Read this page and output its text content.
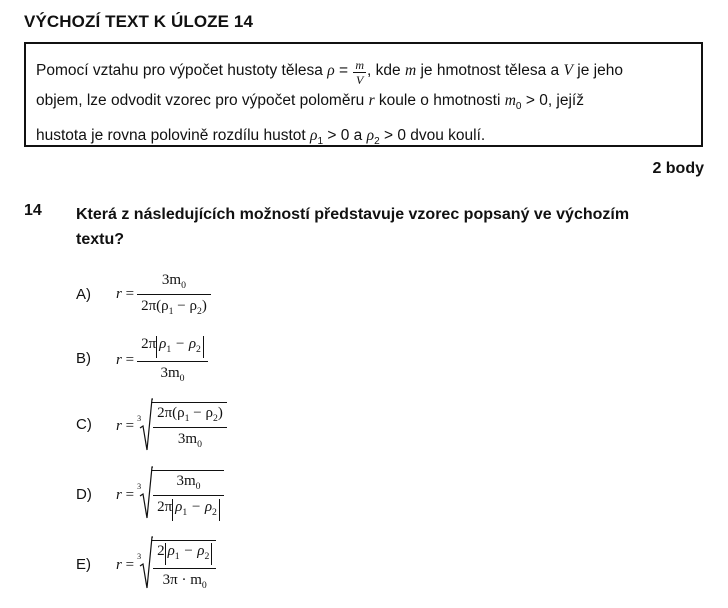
VÝCHOZÍ TEXT K ÚLOZE 14
Pomocí vztahu pro výpočet hustoty tělesa $\rho = \frac{m}{V}$ , kde m je hmotnost tělesa a V je jeho
objem, lze odvodit vzorec pro výpočet poloměru r koule o hmotnosti $m_0 > 0$, jejíž
hustota je rovna polovině rozdílu hustot $\rho_1 > 0$ a $\rho_2 > 0$ dvou koulí.
2 body
14 Která z následujících možností představuje vzorec popsaný ve výchozím textu?
A) $r = \frac{3m_0}{2\pi(\rho_1 - \rho_2)}$
B) $r = \frac{2\pi \rho_1 - \rho_2}{3m_0}$
C) $r = 3 \frac{2\pi(\rho_1 - \rho_2)}{3m_0}$
D) r =
$3 \frac{3m_0}{2\pi \rho_1 - \rho_2}$
E) r =
$3 \frac{2 \rho_1 - \rho_2}{3\pi \cdot m_0}$
